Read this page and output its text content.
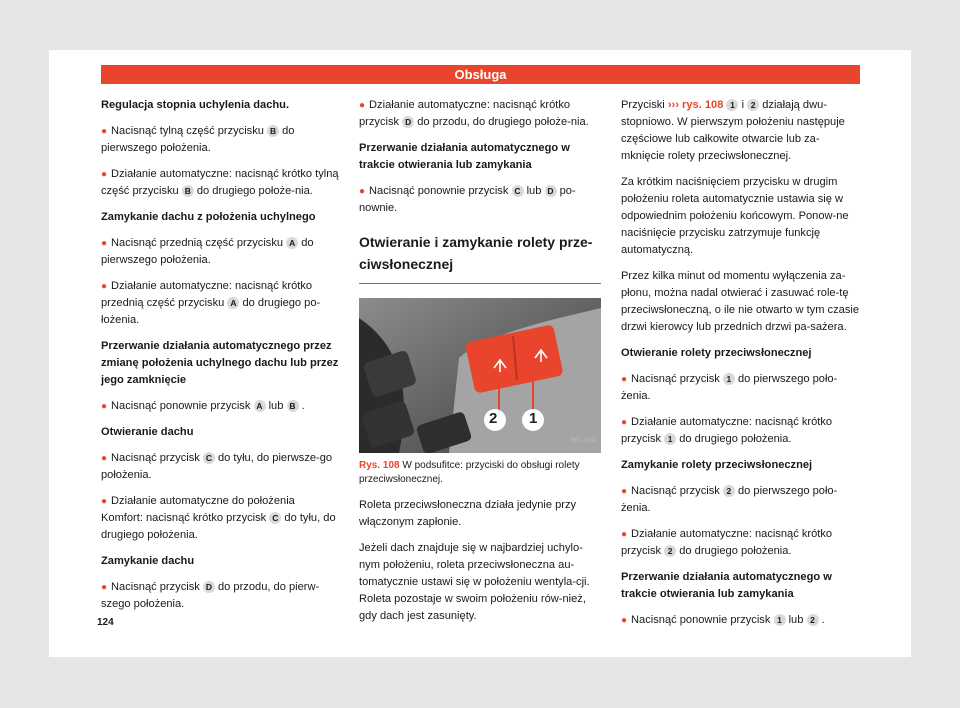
Obsługa
Regulacja stopnia uchylenia dachu.

● Nacisnąć tylną część przycisku B do pierwszego położenia.

● Działanie automatyczne: nacisnąć krótko tylną część przycisku B do drugiego położe-nia.

Zamykanie dachu z położenia uchylnego

● Nacisnąć przednią część przycisku A do pierwszego położenia.

● Działanie automatyczne: nacisnąć krótko przednią część przycisku A do drugiego po-łożenia.

Przerwanie działania automatycznego przez zmianę położenia uchylnego dachu lub przez jego zamknięcie

● Nacisnąć ponownie przycisk A lub B .

Otwieranie dachu

● Nacisnąć przycisk C do tyłu, do pierwsze-go położenia.

● Działanie automatyczne do położenia Komfort: nacisnąć krótko przycisk C do tyłu, do drugiego położenia.

Zamykanie dachu

● Nacisnąć przycisk D do przodu, do pierw-szego położenia.

● Działanie automatyczne: nacisnąć krótko przycisk D do przodu, do drugiego położe-nia.

Przerwanie działania automatycznego w trakcie otwierania lub zamykania

● Nacisnąć ponownie przycisk C lub D po-nownie.

Otwieranie i zamykanie rolety prze-ciwsłonecznej
2 1
B57-0202
Rys. 108 W podsufitce: przyciski do obsługi rolety przeciwsłonecznej.

Roleta przeciwsłoneczna działa jedynie przy włączonym zapłonie.

Jeżeli dach znajduje się w najbardziej uchylo-nym położeniu, roleta przeciwsłoneczna au-tomatycznie ustawi się w położeniu wentyla-cji. Roleta pozostaje w swoim położeniu rów-nież, gdy dach jest zasunięty.

Przyciski ››› rys. 108 1 i 2 działają dwu-stopniowo. W pierwszym położeniu następuje częściowe lub całkowite otwarcie lub za-mknięcie rolety przeciwsłonecznej.

Za krótkim naciśnięciem przycisku w drugim położeniu roleta automatycznie ustawia się w odpowiednim położeniu końcowym. Ponow-ne naciśnięcie przycisku zatrzymuje funkcję automatyczną.

Przez kilka minut od momentu wyłączenia za-płonu, można nadal otwierać i zasuwać role-tę przeciwsłoneczną, o ile nie otwarto w tym czasie drzwi kierowcy lub przednich drzwi pa-sażera.

Otwieranie rolety przeciwsłonecznej

● Nacisnąć przycisk 1 do pierwszego poło-żenia.

● Działanie automatyczne: nacisnąć krótko przycisk 1 do drugiego położenia.

Zamykanie rolety przeciwsłonecznej

● Nacisnąć przycisk 2 do pierwszego poło-żenia.

● Działanie automatyczne: nacisnąć krótko przycisk 2 do drugiego położenia.

Przerwanie działania automatycznego w trakcie otwierania lub zamykania

● Nacisnąć ponownie przycisk 1 lub 2 .

124
